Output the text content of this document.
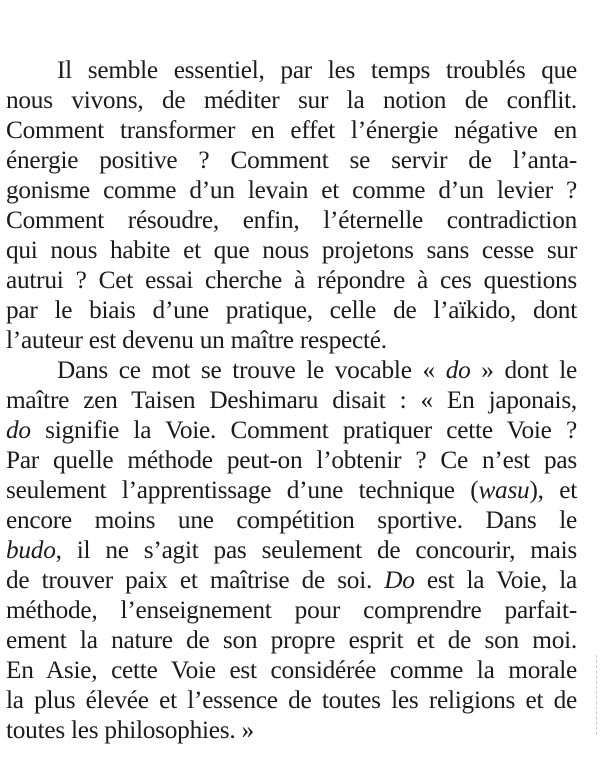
Il semble essentiel, par les temps troublés que
nous vivons, de méditer sur la notion de conflit.
Comment transformer en effet l’énergie négative en
énergie positive ? Comment se servir de l’anta-
gonisme comme d’un levain et comme d’un levier ?
Comment résoudre, enfin, l’éternelle contradiction
qui nous habite et que nous projetons sans cesse sur
autrui ? Cet essai cherche à répondre à ces questions
par le biais d’une pratique, celle de l’aïkido, dont
l’auteur est devenu un maître respecté.
Dans ce mot se trouve le vocable « do » dont le
maître zen Taisen Deshimaru disait : « En japonais,
do signifie la Voie. Comment pratiquer cette Voie ?
Par quelle méthode peut-on l’obtenir ? Ce n’est pas
seulement l’apprentissage d’une technique (wasu), et
encore moins une compétition sportive. Dans le
budo, il ne s’agit pas seulement de concourir, mais
de trouver paix et maîtrise de soi. Do est la Voie, la
méthode, l’enseignement pour comprendre parfait-
ement la nature de son propre esprit et de son moi.
En Asie, cette Voie est considérée comme la morale
la plus élevée et l’essence de toutes les religions et de
toutes les philosophies. »
